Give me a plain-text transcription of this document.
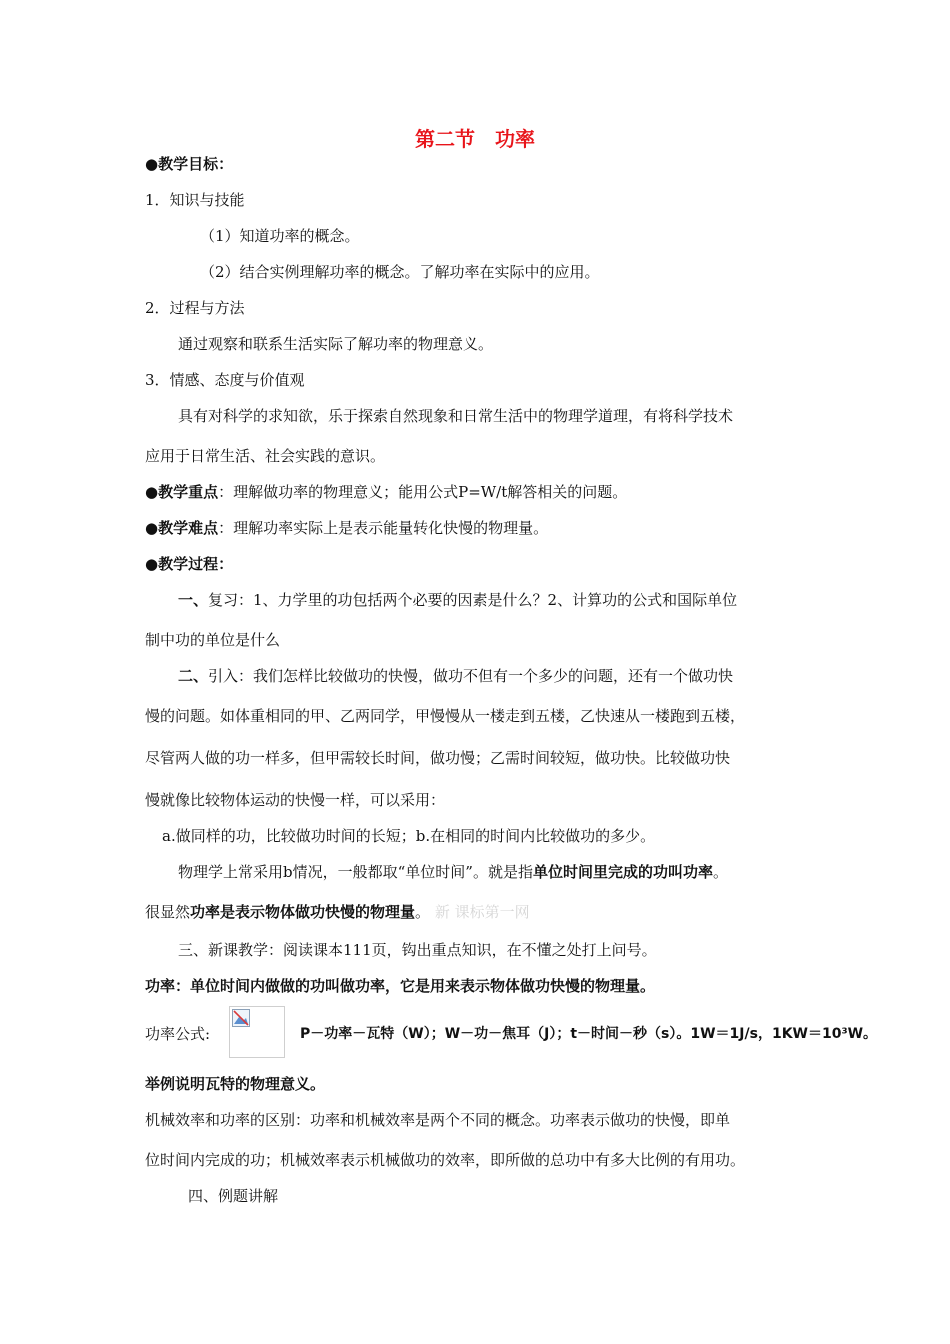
第二节　功率
●教学目标：
1．知识与技能
（1）知道功率的概念。
（2）结合实例理解功率的概念。了解功率在实际中的应用。
2．过程与方法
通过观察和联系生活实际了解功率的物理意义。
3．情感、态度与价值观
具有对科学的求知欲，乐于探索自然现象和日常生活中的物理学道理，有将科学技术
应用于日常生活、社会实践的意识。
●教学重点：理解做功率的物理意义；能用公式P=W/t解答相关的问题。
●教学难点：理解功率实际上是表示能量转化快慢的物理量。
●教学过程：
一、复习：1、力学里的功包括两个必要的因素是什么？2、计算功的公式和国际单位
制中功的单位是什么
二、引入：我们怎样比较做功的快慢，做功不但有一个多少的问题，还有一个做功快
慢的问题。如体重相同的甲、乙两同学，甲慢慢从一楼走到五楼，乙快速从一楼跑到五楼，
尽管两人做的功一样多，但甲需较长时间，做功慢；乙需时间较短，做功快。比较做功快
慢就像比较物体运动的快慢一样，可以采用：
a.做同样的功，比较做功时间的长短；b.在相同的时间内比较做功的多少。
物理学上常采用b情况，一般都取“单位时间”。就是指单位时间里完成的功叫功率。
很显然功率是表示物体做功快慢的物理量。 新 课标第一网
三、新课教学：阅读课本111页，钩出重点知识，在不懂之处打上问号。
功率：单位时间内做做的功叫做功率，它是用来表示物体做功快慢的物理量。
功率公式:	P－功率－瓦特（W）；W－功－焦耳（J）；t－时间－秒（s）。1W＝1J/s，1KW＝10³W。
举例说明瓦特的物理意义。
机械效率和功率的区别：功率和机械效率是两个不同的概念。功率表示做功的快慢，即单
位时间内完成的功；机械效率表示机械做功的效率，即所做的总功中有多大比例的有用功。
四、例题讲解
